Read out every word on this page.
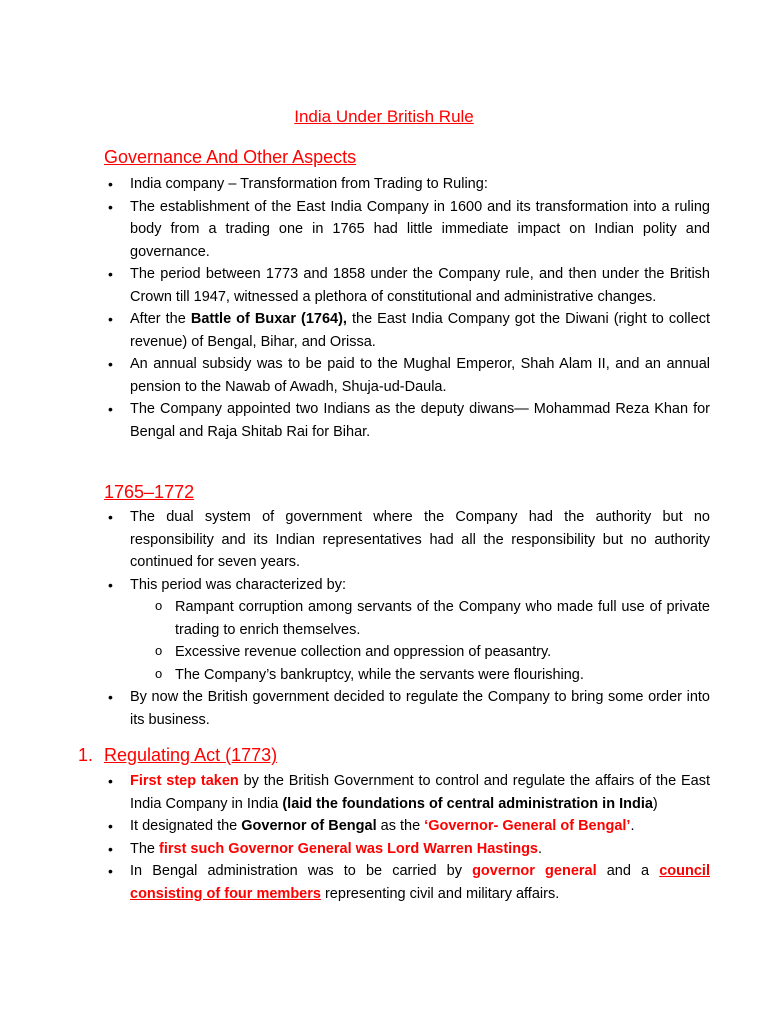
India Under British Rule
Governance And Other Aspects
• India company – Transformation from Trading to Ruling:
• The establishment of the East India Company in 1600 and its transformation into a ruling body from a trading one in 1765 had little immediate impact on Indian polity and governance.
• The period between 1773 and 1858 under the Company rule, and then under the British Crown till 1947, witnessed a plethora of constitutional and administrative changes.
• After the Battle of Buxar (1764), the East India Company got the Diwani (right to collect revenue) of Bengal, Bihar, and Orissa.
• An annual subsidy was to be paid to the Mughal Emperor, Shah Alam II, and an annual pension to the Nawab of Awadh, Shuja-ud-Daula.
• The Company appointed two Indians as the deputy diwans— Mohammad Reza Khan for Bengal and Raja Shitab Rai for Bihar.
1765–1772
• The dual system of government where the Company had the authority but no responsibility and its Indian representatives had all the responsibility but no authority continued for seven years.
• This period was characterized by:
o Rampant corruption among servants of the Company who made full use of private trading to enrich themselves.
o Excessive revenue collection and oppression of peasantry.
o The Company’s bankruptcy, while the servants were flourishing.
• By now the British government decided to regulate the Company to bring some order into its business.
1. Regulating Act (1773)
• First step taken by the British Government to control and regulate the affairs of the East India Company in India (laid the foundations of central administration in India)
• It designated the Governor of Bengal as the ‘Governor- General of Bengal’.
• The first such Governor General was Lord Warren Hastings.
• In Bengal administration was to be carried by governor general and a council consisting of four members representing civil and military affairs.
